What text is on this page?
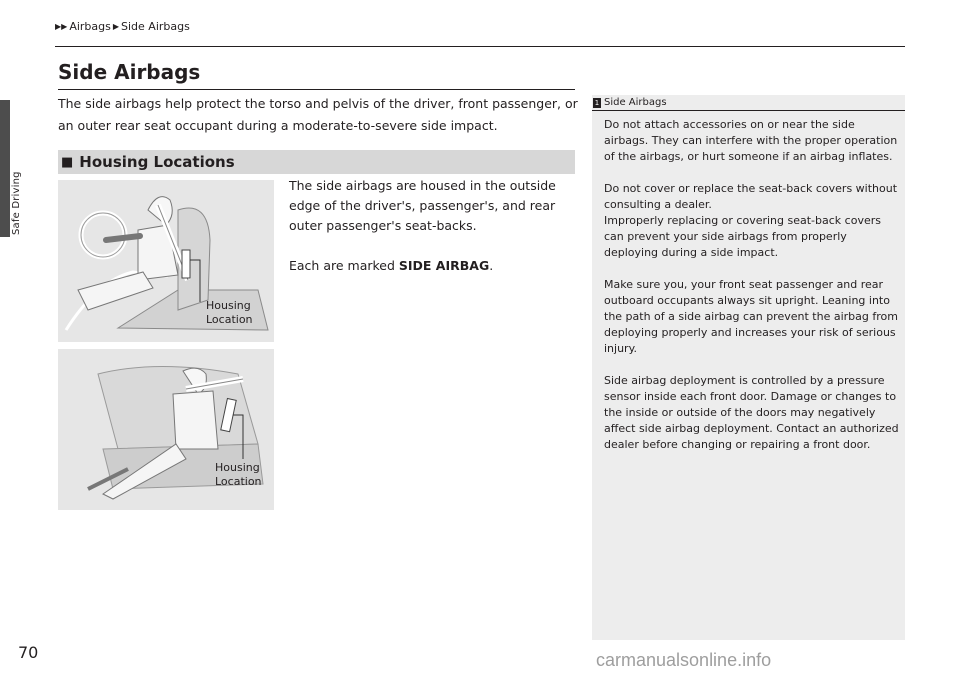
Safe Driving
▶▶ Airbags ▶ Side Airbags
Side Airbags

The side airbags help protect the torso and pelvis of the driver, front passenger, or an outer rear seat occupant during a moderate-to-severe side impact.

■ Housing Locations

Housing
Location

Housing
Location

The side airbags are housed in the outside edge of the driver's, passenger's, and rear outer passenger's seat-backs.

Each are marked SIDE AIRBAG.

1 Side Airbags

Do not attach accessories on or near the side airbags. They can interfere with the proper operation of the airbags, or hurt someone if an airbag inflates.

Do not cover or replace the seat-back covers without consulting a dealer.

Improperly replacing or covering seat-back covers can prevent your side airbags from properly deploying during a side impact.

Make sure you, your front seat passenger and rear outboard occupants always sit upright. Leaning into the path of a side airbag can prevent the airbag from deploying properly and increases your risk of serious injury.

Side airbag deployment is controlled by a pressure sensor inside each front door. Damage or changes to the inside or outside of the doors may negatively affect side airbag deployment. Contact an authorized dealer before changing or repairing a front door.

70	carmanualsonline.info
